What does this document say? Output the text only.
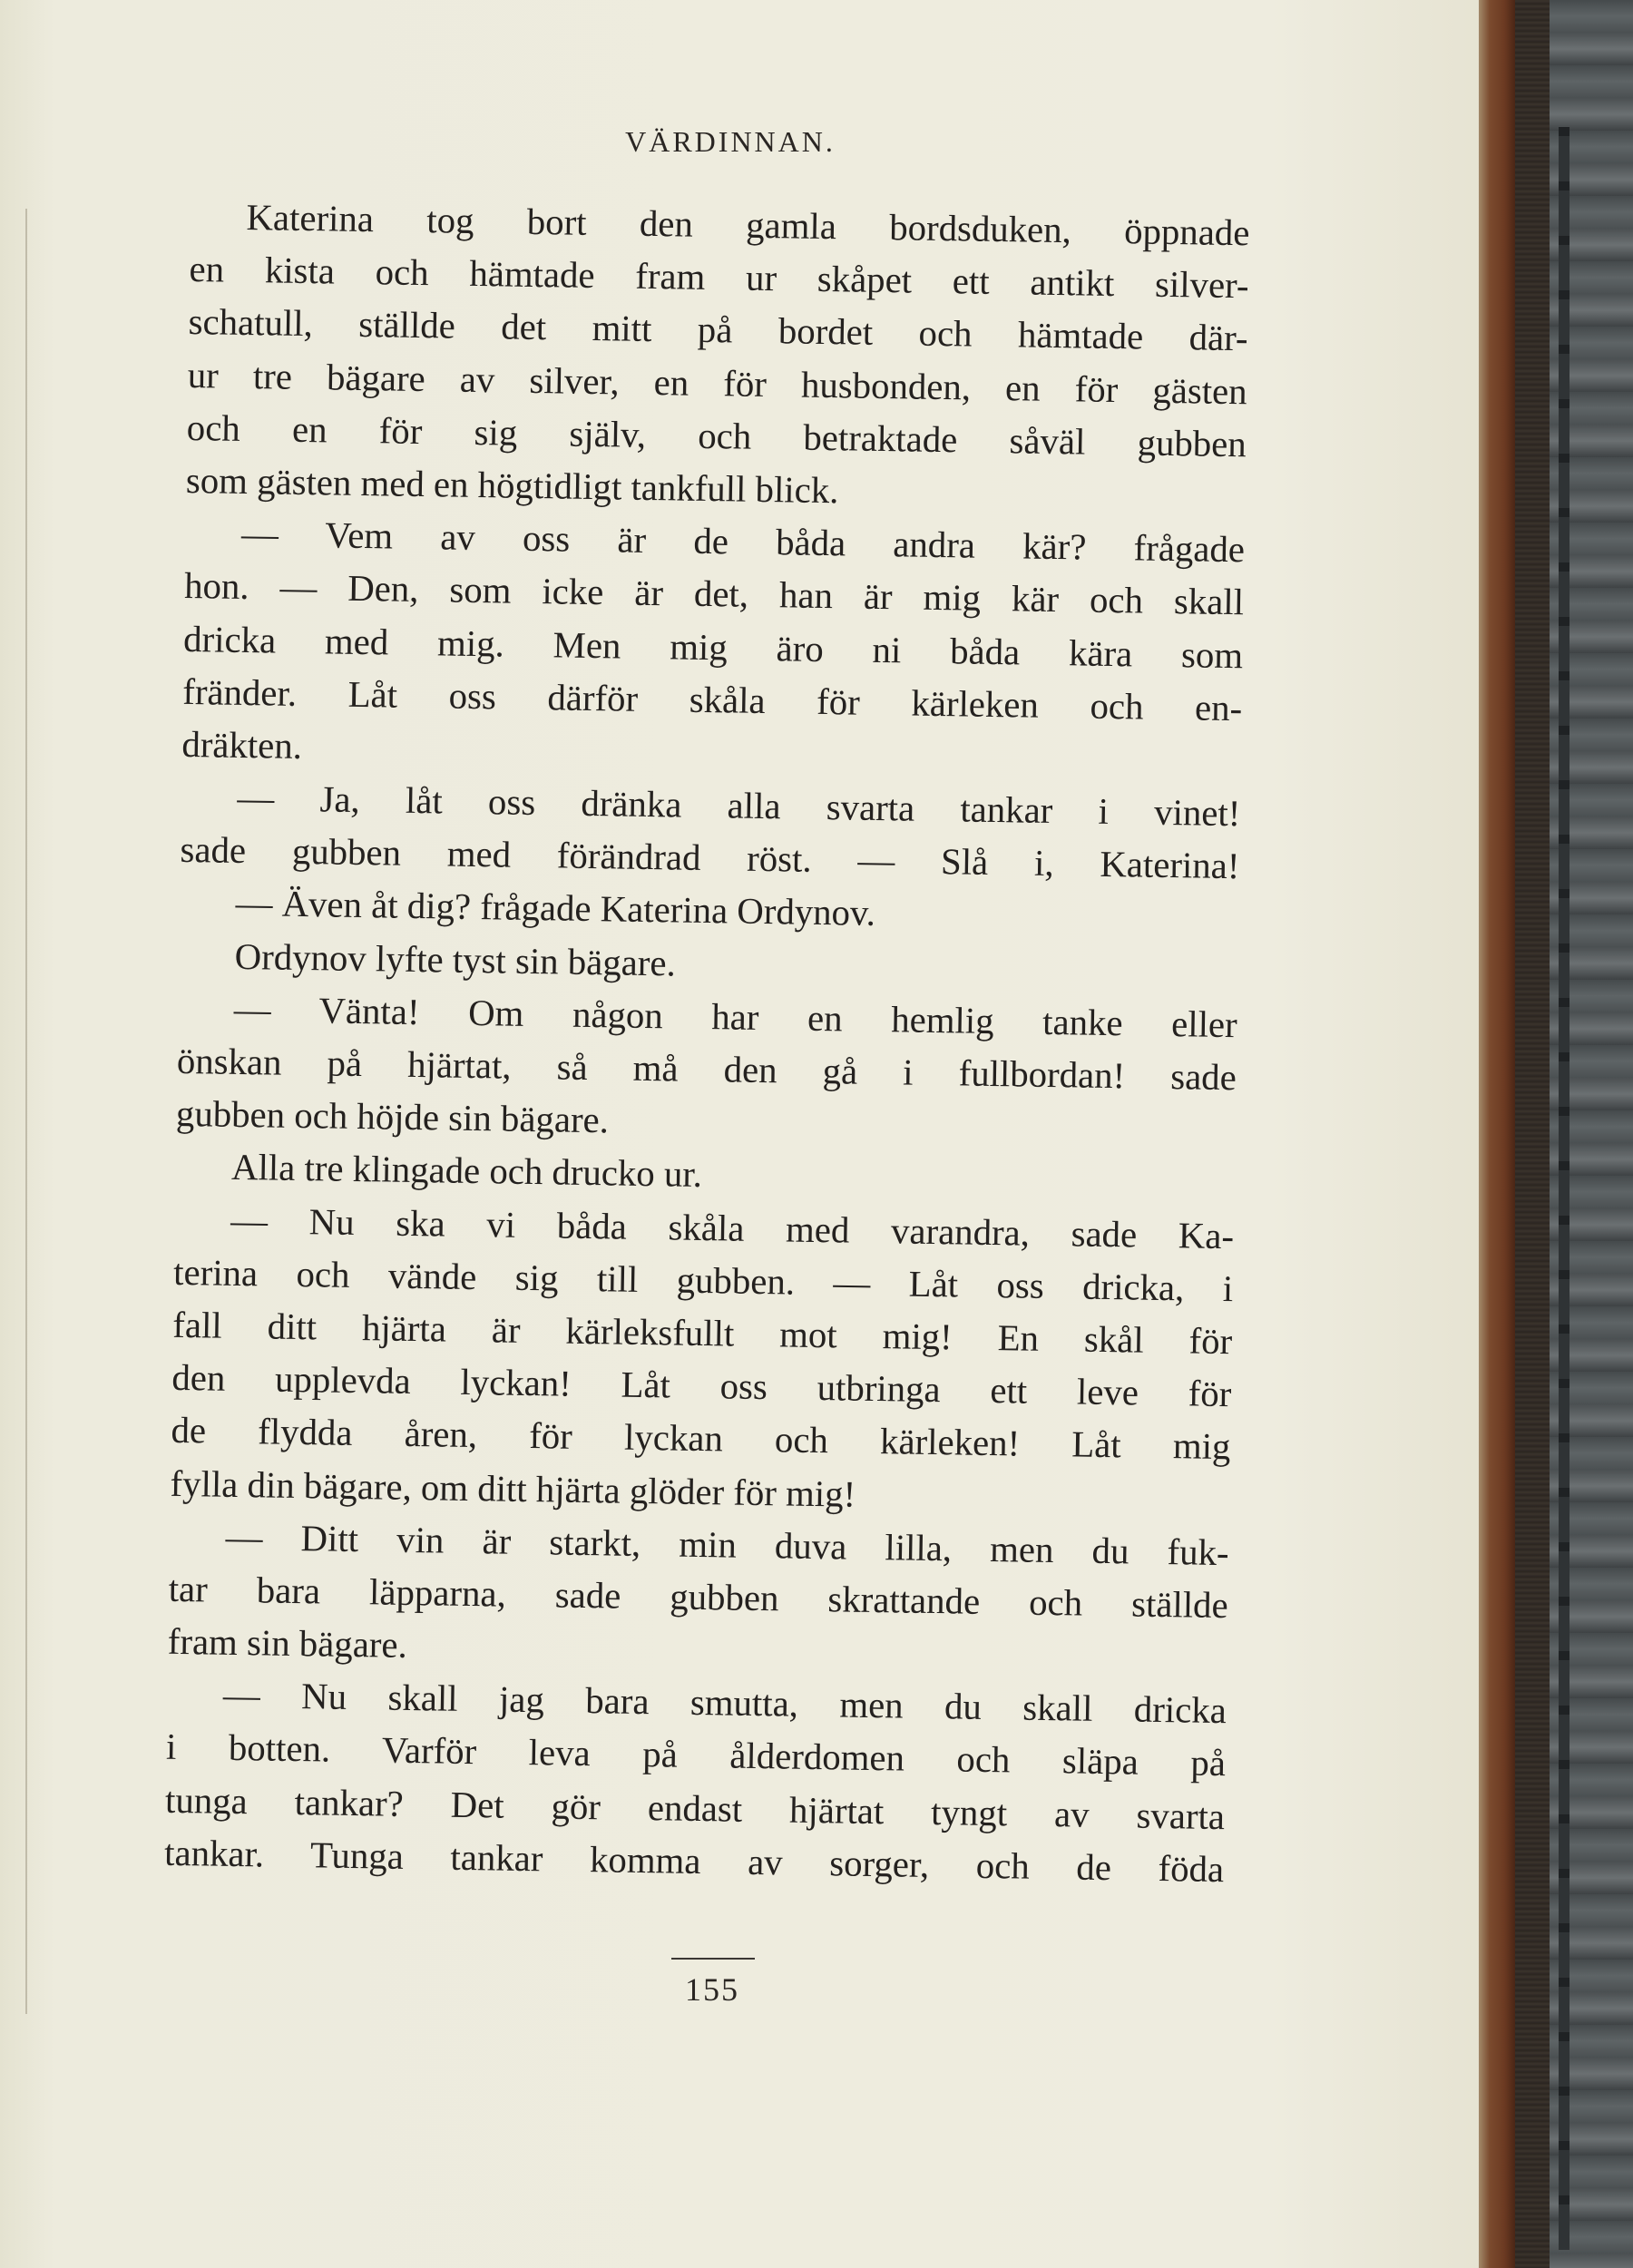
VÄRDINNAN.
Katerina tog bort den gamla bordsduken, öppnade
en kista och hämtade fram ur skåpet ett antikt silver-
schatull, ställde det mitt på bordet och hämtade där-
ur tre bägare av silver, en för husbonden, en för gästen
och en för sig själv, och betraktade såväl gubben
som gästen med en högtidligt tankfull blick.
— Vem av oss är de båda andra kär? frågade
hon. — Den, som icke är det, han är mig kär och skall
dricka med mig. Men mig äro ni båda kära som
fränder. Låt oss därför skåla för kärleken och en-
dräkten.
— Ja, låt oss dränka alla svarta tankar i vinet!
sade gubben med förändrad röst. — Slå i, Katerina!
— Även åt dig? frågade Katerina Ordynov.
Ordynov lyfte tyst sin bägare.
— Vänta! Om någon har en hemlig tanke eller
önskan på hjärtat, så må den gå i fullbordan! sade
gubben och höjde sin bägare.
Alla tre klingade och drucko ur.
— Nu ska vi båda skåla med varandra, sade Ka-
terina och vände sig till gubben. — Låt oss dricka, i
fall ditt hjärta är kärleksfullt mot mig! En skål för
den upplevda lyckan! Låt oss utbringa ett leve för
de flydda åren, för lyckan och kärleken! Låt mig
fylla din bägare, om ditt hjärta glöder för mig!
— Ditt vin är starkt, min duva lilla, men du fuk-
tar bara läpparna, sade gubben skrattande och ställde
fram sin bägare.
— Nu skall jag bara smutta, men du skall dricka
i botten. Varför leva på ålderdomen och släpa på
tunga tankar? Det gör endast hjärtat tyngt av svarta
tankar. Tunga tankar komma av sorger, och de föda
155
